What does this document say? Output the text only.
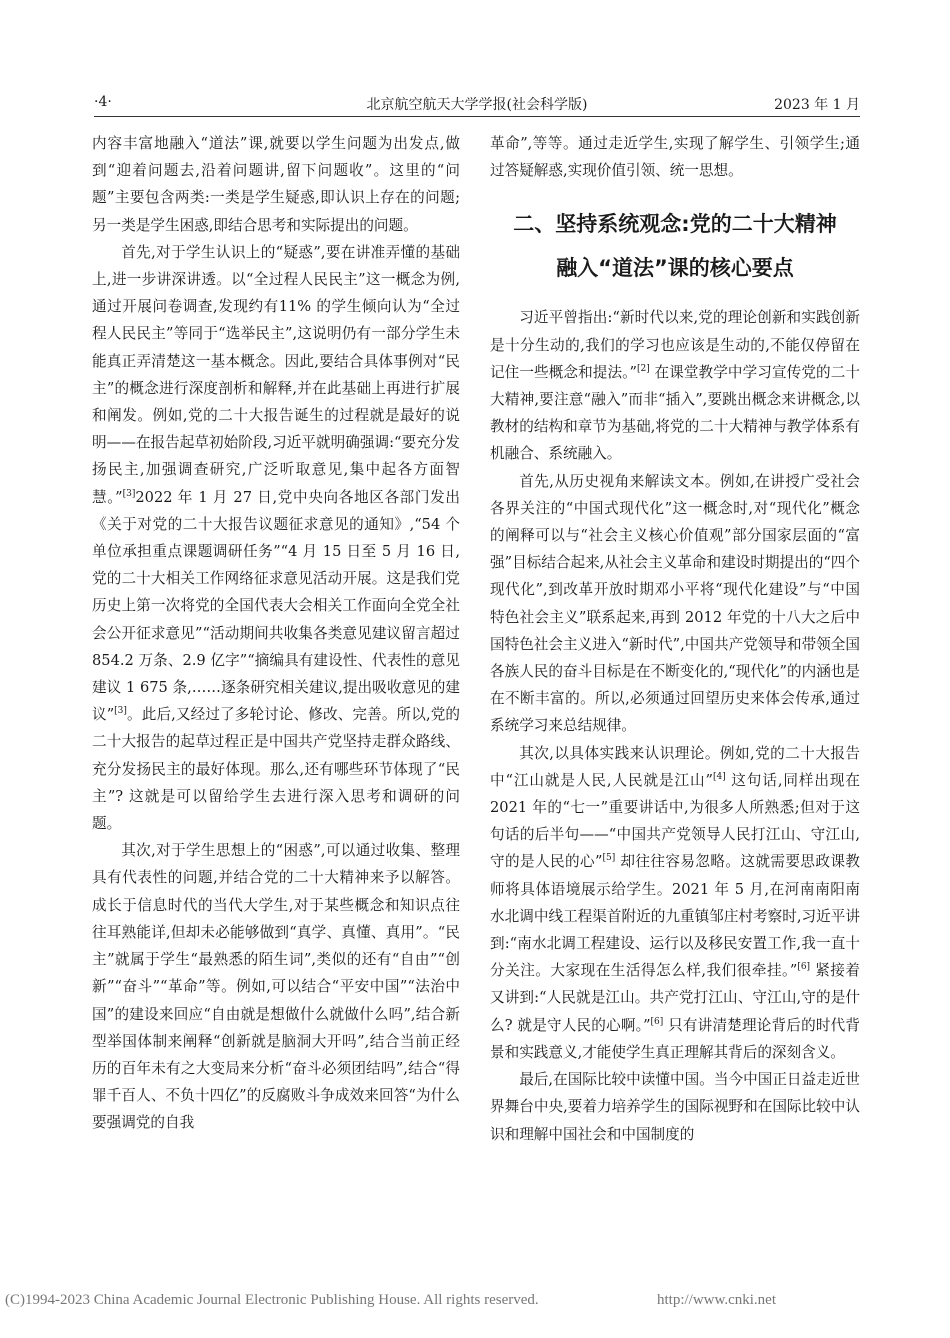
·4·	北京航空航天大学学报(社会科学版)	2023 年 1 月

内容丰富地融入“道法”课,就要以学生问题为出发点,做到“迎着问题去,沿着问题讲,留下问题收”。这里的“问题”主要包含两类:一类是学生疑惑,即认识上存在的问题;另一类是学生困惑,即结合思考和实际提出的问题。

首先,对于学生认识上的“疑惑”,要在讲准弄懂的基础上,进一步讲深讲透。以“全过程人民民主”这一概念为例,通过开展问卷调查,发现约有11% 的学生倾向认为“全过程人民民主”等同于“选举民主”,这说明仍有一部分学生未能真正弄清楚这一基本概念。因此,要结合具体事例对“民主”的概念进行深度剖析和解释,并在此基础上再进行扩展和阐发。例如,党的二十大报告诞生的过程就是最好的说明——在报告起草初始阶段,习近平就明确强调:“要充分发扬民主,加强调查研究,广泛听取意见,集中起各方面智慧。”[3]2022 年 1 月 27 日,党中央向各地区各部门发出《关于对党的二十大报告议题征求意见的通知》,“54 个单位承担重点课题调研任务”“4 月 15 日至 5 月 16 日,党的二十大相关工作网络征求意见活动开展。这是我们党历史上第一次将党的全国代表大会相关工作面向全党全社会公开征求意见”“活动期间共收集各类意见建议留言超过 854.2 万条、2.9 亿字”“摘编具有建设性、代表性的意见建议 1 675 条,……逐条研究相关建议,提出吸收意见的建议”[3]。此后,又经过了多轮讨论、修改、完善。所以,党的二十大报告的起草过程正是中国共产党坚持走群众路线、充分发扬民主的最好体现。那么,还有哪些环节体现了“民主”? 这就是可以留给学生去进行深入思考和调研的问题。

其次,对于学生思想上的“困惑”,可以通过收集、整理具有代表性的问题,并结合党的二十大精神来予以解答。成长于信息时代的当代大学生,对于某些概念和知识点往往耳熟能详,但却未必能够做到“真学、真懂、真用”。“民主”就属于学生“最熟悉的陌生词”,类似的还有“自由”“创新”“奋斗”“革命”等。例如,可以结合“平安中国”“法治中国”的建设来回应“自由就是想做什么就做什么吗”,结合新型举国体制来阐释“创新就是脑洞大开吗”,结合当前正经历的百年未有之大变局来分析“奋斗必须团结吗”,结合“得罪千百人、不负十四亿”的反腐败斗争成效来回答“为什么要强调党的自我

革命”,等等。通过走近学生,实现了解学生、引领学生;通过答疑解惑,实现价值引领、统一思想。

二、坚持系统观念:党的二十大精神
融入“道法”课的核心要点

习近平曾指出:“新时代以来,党的理论创新和实践创新是十分生动的,我们的学习也应该是生动的,不能仅停留在记住一些概念和提法。”[2] 在课堂教学中学习宣传党的二十大精神,要注意“融入”而非“插入”,要跳出概念来讲概念,以教材的结构和章节为基础,将党的二十大精神与教学体系有机融合、系统融入。

首先,从历史视角来解读文本。例如,在讲授广受社会各界关注的“中国式现代化”这一概念时,对“现代化”概念的阐释可以与“社会主义核心价值观”部分国家层面的“富强”目标结合起来,从社会主义革命和建设时期提出的“四个现代化”,到改革开放时期邓小平将“现代化建设”与“中国特色社会主义”联系起来,再到 2012 年党的十八大之后中国特色社会主义进入“新时代”,中国共产党领导和带领全国各族人民的奋斗目标是在不断变化的,“现代化”的内涵也是在不断丰富的。所以,必须通过回望历史来体会传承,通过系统学习来总结规律。

其次,以具体实践来认识理论。例如,党的二十大报告中“江山就是人民,人民就是江山”[4] 这句话,同样出现在 2021 年的“七一”重要讲话中,为很多人所熟悉;但对于这句话的后半句——“中国共产党领导人民打江山、守江山,守的是人民的心”[5] 却往往容易忽略。这就需要思政课教师将具体语境展示给学生。2021 年 5 月,在河南南阳南水北调中线工程渠首附近的九重镇邹庄村考察时,习近平讲到:“南水北调工程建设、运行以及移民安置工作,我一直十分关注。大家现在生活得怎么样,我们很牵挂。”[6] 紧接着又讲到:“人民就是江山。共产党打江山、守江山,守的是什么? 就是守人民的心啊。”[6] 只有讲清楚理论背后的时代背景和实践意义,才能使学生真正理解其背后的深刻含义。

最后,在国际比较中读懂中国。当今中国正日益走近世界舞台中央,要着力培养学生的国际视野和在国际比较中认识和理解中国社会和中国制度的

(C)1994-2023 China Academic Journal Electronic Publishing House. All rights reserved.	http://www.cnki.net
